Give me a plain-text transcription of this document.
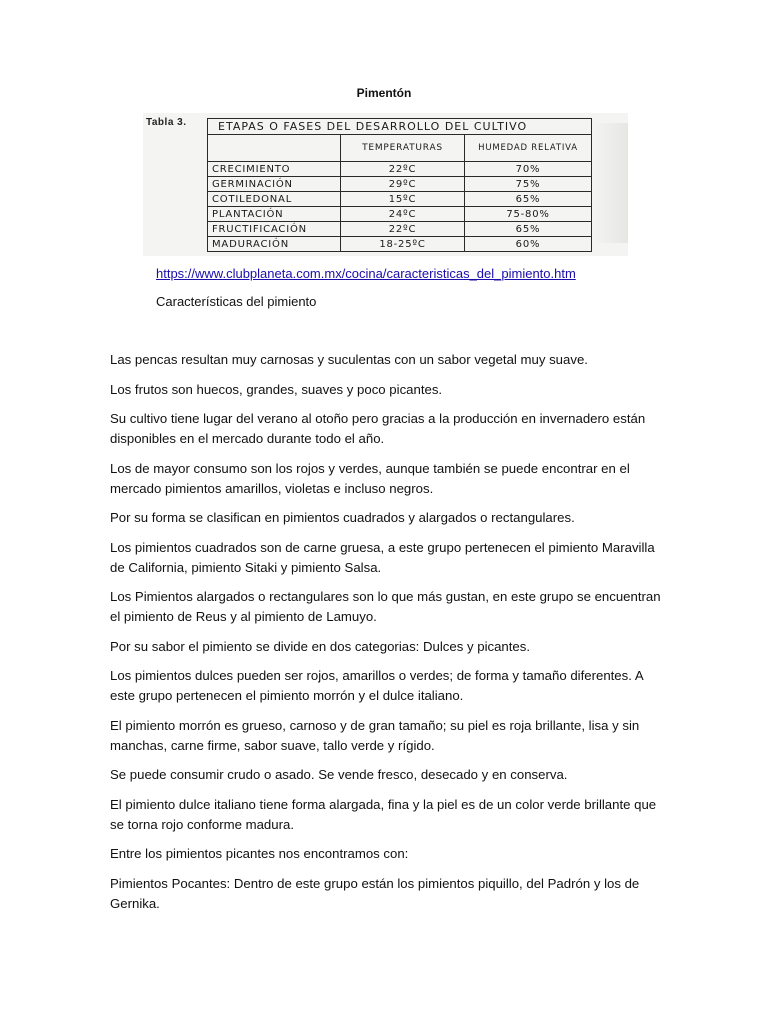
Pimentón
Tabla 3.	ETAPAS O FASES DEL DESARROLLO DEL CULTIVO		
	TEMPERATURAS	HUMEDAD RELATIVA
CRECIMIENTO	22ºC	70%
GERMINACIÓN	29ºC	75%
COTILEDONAL	15ºC	65%
PLANTACIÓN	24ºC	75-80%
FRUCTIFICACIÓN	22ºC	65%
MADURACIÓN	18-25ºC	60%
https://www.clubplaneta.com.mx/cocina/caracteristicas_del_pimiento.htm
Características del pimiento

Las pencas resultan muy carnosas y suculentas con un sabor vegetal muy suave.

Los frutos son huecos, grandes, suaves y poco picantes.

Su cultivo tiene lugar del verano al otoño pero gracias a la producción en invernadero están disponibles en el mercado durante todo el año.

Los de mayor consumo son los rojos y verdes, aunque también se puede encontrar en el mercado pimientos amarillos, violetas e incluso negros.

Por su forma se clasifican en pimientos cuadrados y alargados o rectangulares.

Los pimientos cuadrados son de carne gruesa, a este grupo pertenecen el pimiento Maravilla de California, pimiento Sitaki y pimiento Salsa.

Los Pimientos alargados o rectangulares son lo que más gustan, en este grupo se encuentran el pimiento de Reus y al pimiento de Lamuyo.

Por su sabor el pimiento se divide en dos categorias: Dulces y picantes.

Los pimientos dulces pueden ser rojos, amarillos o verdes; de forma y tamaño diferentes. A este grupo pertenecen el pimiento morrón y el dulce italiano.

El pimiento morrón es grueso, carnoso y de gran tamaño; su piel es roja brillante, lisa y sin manchas, carne firme, sabor suave, tallo verde y rígido.

Se puede consumir crudo o asado. Se vende fresco, desecado y en conserva.

El pimiento dulce italiano tiene forma alargada, fina y la piel es de un color verde brillante que se torna rojo conforme madura.

Entre los pimientos picantes nos encontramos con:

Pimientos Pocantes: Dentro de este grupo están los pimientos piquillo, del Padrón y los de Gernika.
